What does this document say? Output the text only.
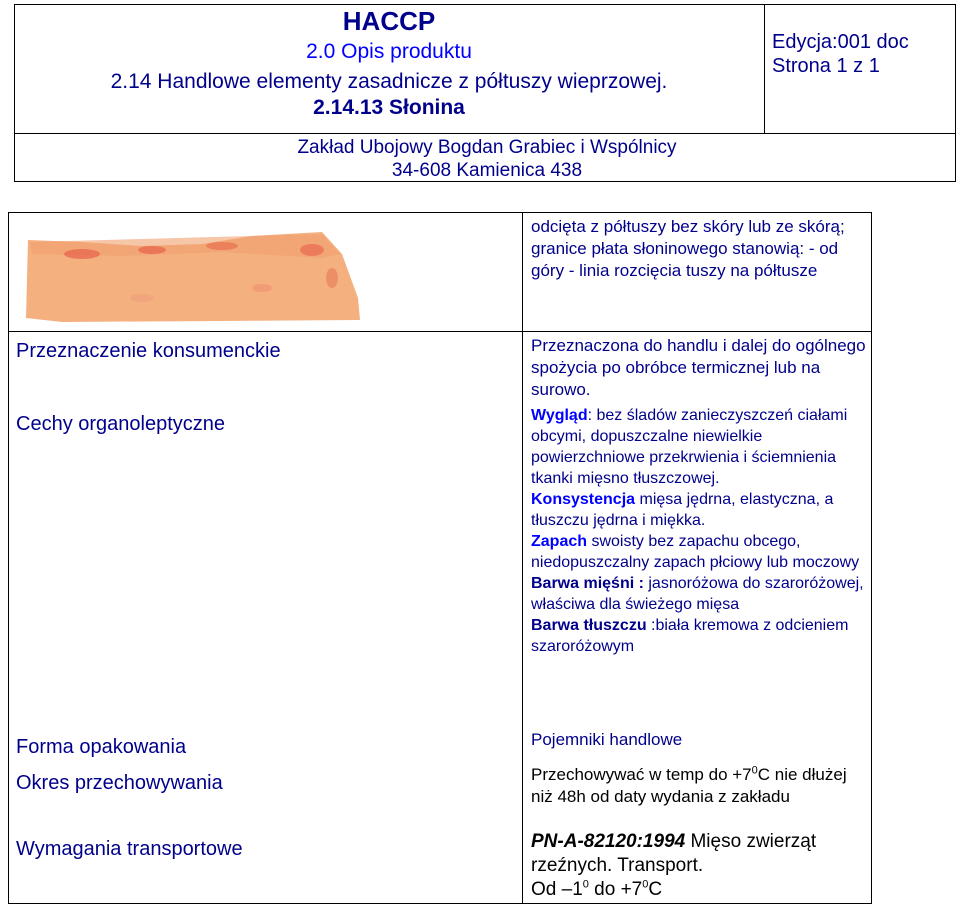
HACCP
2.0 Opis produktu
2.14 Handlowe elementy zasadnicze z półtuszy wieprzowej.
2.14.13 Słonina
Edycja:001 doc
Strona 1 z 1
Zakład Ubojowy Bogdan Grabiec i Wspólnicy
34-608 Kamienica 438
Przeznaczenie konsumenckie
Cechy organoleptyczne
Forma opakowania
Okres przechowywania
Wymagania transportowe
odcięta z półtuszy bez skóry lub ze skórą; granice płata słoninowego stanowią: - od góry - linia rozcięcia tuszy na półtusze
Przeznaczona do handlu i dalej do ogólnego spożycia po obróbce termicznej lub na surowo.
Wygląd: bez śladów zanieczyszczeń ciałami obcymi, dopuszczalne niewielkie powierzchniowe przekrwienia i ściemnienia tkanki mięsno tłuszczowej.
Konsystencja mięsa jędrna, elastyczna, a tłuszczu jędrna i miękka.
Zapach swoisty bez zapachu obcego, niedopuszczalny zapach płciowy lub moczowy
Barwa mięśni : jasnoróżowa do szaroróżowej, właściwa dla świeżego mięsa
Barwa tłuszczu :biała kremowa z odcieniem szaroróżowym
Pojemniki handlowe
Przechowywać w temp do $+7^0C$ nie dłużej niż 48h od daty wydania z zakładu
PN-A-82120:1994 Mięso zwierząt rzeźnych. Transport.
Od $-1^0$ do $+7^0C$
